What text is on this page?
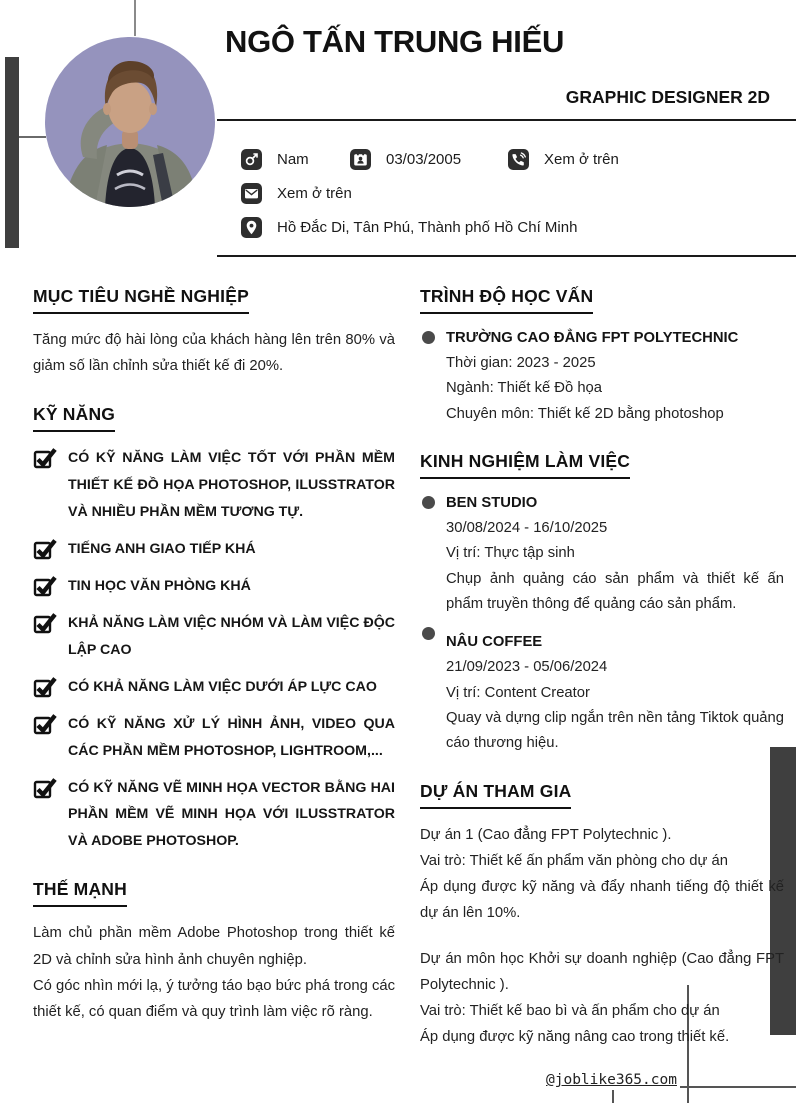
NGÔ TẤN TRUNG HIẾU
GRAPHIC DESIGNER 2D
Nam	03/03/2005	Xem ở trên
Xem ở trên
Hồ Đắc Di, Tân Phú, Thành phố Hồ Chí Minh
MỤC TIÊU NGHỀ NGHIỆP
Tăng mức độ hài lòng của khách hàng lên trên 80% và giảm số lần chỉnh sửa thiết kế đi 20%.
KỸ NĂNG
CÓ KỸ NĂNG LÀM VIỆC TỐT VỚI PHẦN MỀM THIẾT KẾ ĐỒ HỌA PHOTOSHOP, ILUSSTRATOR VÀ NHIỀU PHẦN MỀM TƯƠNG TỰ.
TIẾNG ANH GIAO TIẾP KHÁ
TIN HỌC VĂN PHÒNG KHÁ
KHẢ NĂNG LÀM VIỆC NHÓM VÀ LÀM VIỆC ĐỘC LẬP CAO
CÓ KHẢ NĂNG LÀM VIỆC DƯỚI ÁP LỰC CAO
CÓ KỸ NĂNG XỬ LÝ HÌNH ẢNH, VIDEO QUA CÁC PHẦN MỀM PHOTOSHOP, LIGHTROOM,...
CÓ KỸ NĂNG VẼ MINH HỌA VECTOR BẰNG HAI PHẦN MỀM VẼ MINH HỌA VỚI ILUSSTRATOR VÀ ADOBE PHOTOSHOP.
THẾ MẠNH
Làm chủ phần mềm Adobe Photoshop trong thiết kế 2D và chỉnh sửa hình ảnh chuyên nghiệp.
Có góc nhìn mới lạ, ý tưởng táo bạo bức phá trong các thiết kế, có quan điểm và quy trình làm việc rõ ràng.
TRÌNH ĐỘ HỌC VẤN
TRƯỜNG CAO ĐẲNG FPT POLYTECHNIC
Thời gian: 2023 - 2025
Ngành: Thiết kế Đồ họa
Chuyên môn: Thiết kế 2D bằng photoshop
KINH NGHIỆM LÀM VIỆC
BEN STUDIO
30/08/2024 - 16/10/2025
Vị trí: Thực tập sinh
Chụp ảnh quảng cáo sản phẩm và thiết kế ấn phẩm truyền thông để quảng cáo sản phẩm.
NÂU COFFEE
21/09/2023 - 05/06/2024
Vị trí: Content Creator
Quay và dựng clip ngắn trên nền tảng Tiktok quảng cáo thương hiệu.
DỰ ÁN THAM GIA
Dự án 1 (Cao đẳng FPT Polytechnic ).
Vai trò: Thiết kế ấn phẩm văn phòng cho dự án
Áp dụng được kỹ năng và đẩy nhanh tiếng độ thiết kế dự án lên 10%.
Dự án môn học Khởi sự doanh nghiệp (Cao đẳng FPT Polytechnic ).
Vai trò: Thiết kế bao bì và ấn phẩm cho dự án
Áp dụng được kỹ năng nâng cao trong thiết kế.
@joblike365.com
